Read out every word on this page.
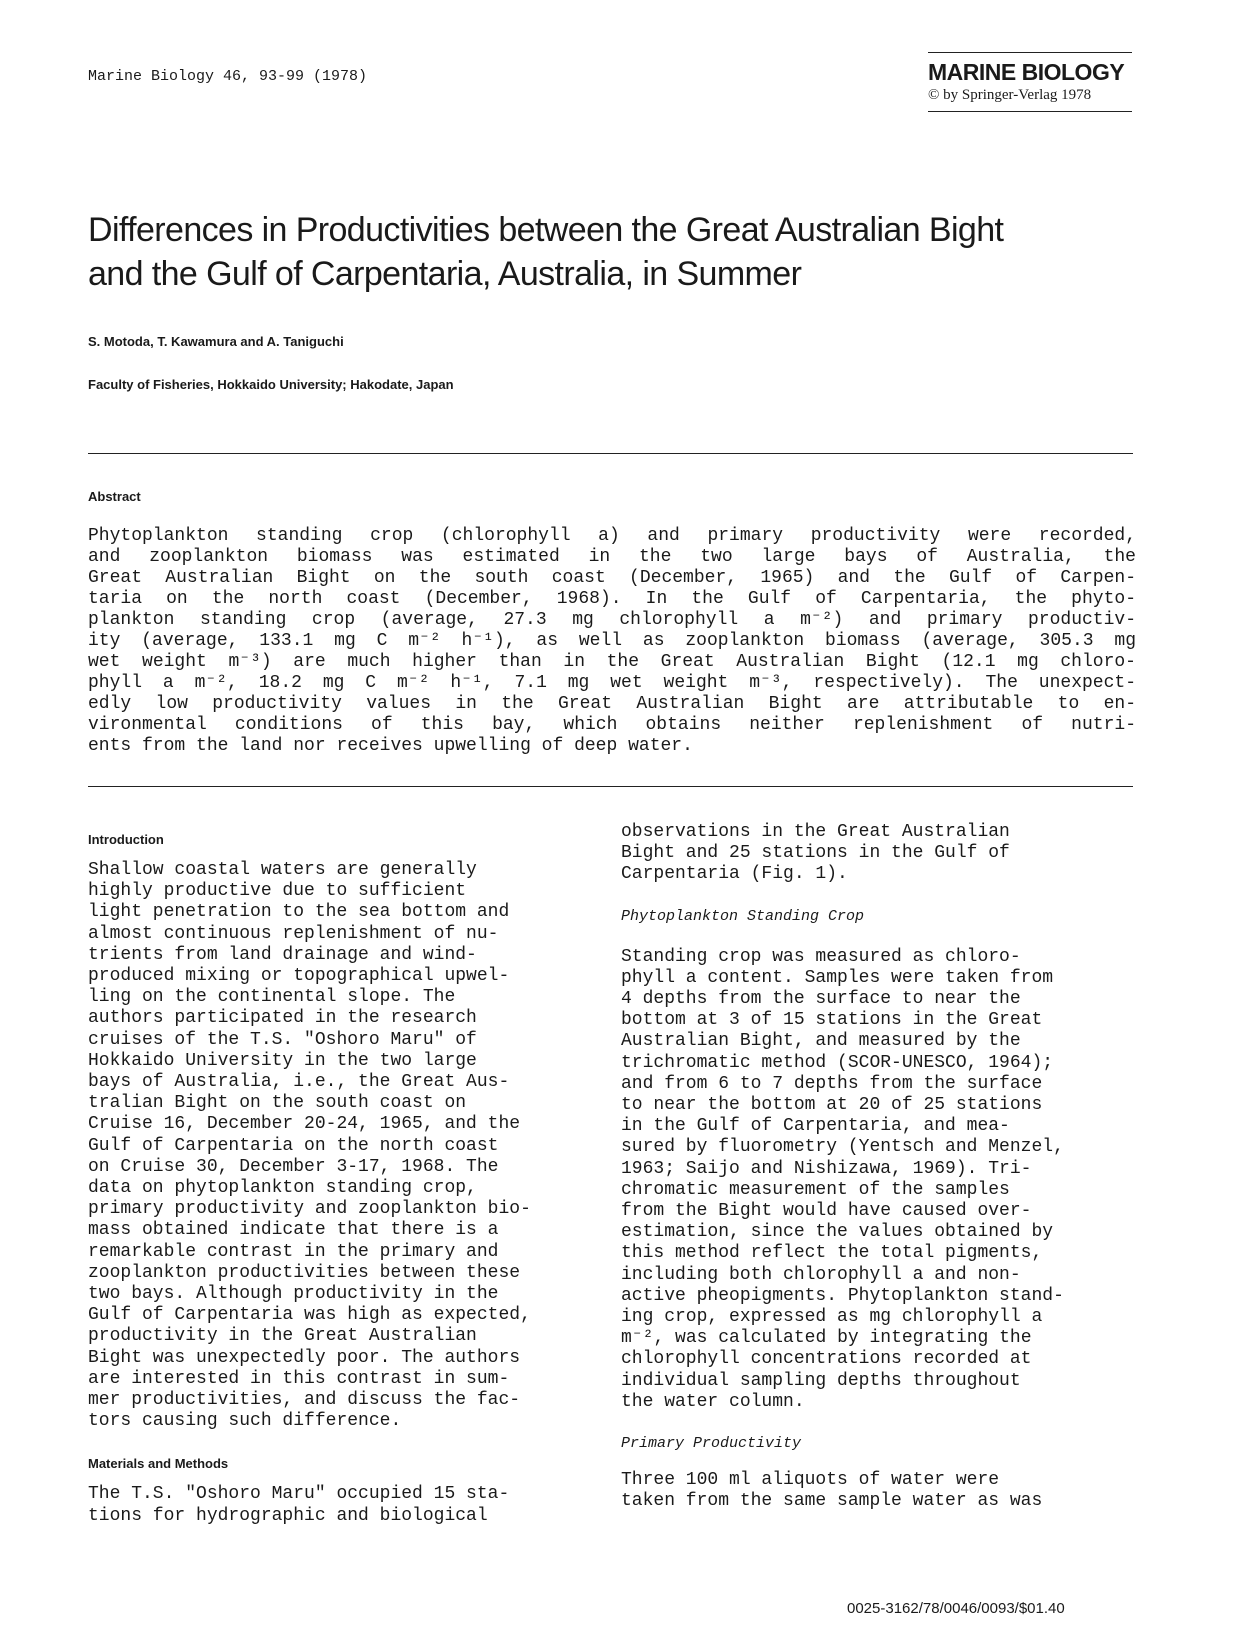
Marine Biology 46, 93-99 (1978)	MARINE BIOLOGY
© by Springer-Verlag 1978
Differences in Productivities between the Great Australian Bight
and the Gulf of Carpentaria, Australia, in Summer
S. Motoda, T. Kawamura and A. Taniguchi
Faculty of Fisheries, Hokkaido University; Hakodate, Japan
Abstract
Phytoplankton standing crop (chlorophyll a) and primary productivity were recorded,
and zooplankton biomass was estimated in the two large bays of Australia, the
Great Australian Bight on the south coast (December, 1965) and the Gulf of Carpen-
taria on the north coast (December, 1968). In the Gulf of Carpentaria, the phyto-
plankton standing crop (average, 27.3 mg chlorophyll a m⁻²) and primary productiv-
ity (average, 133.1 mg C m⁻² h⁻¹), as well as zooplankton biomass (average, 305.3 mg
wet weight m⁻³) are much higher than in the Great Australian Bight (12.1 mg chloro-
phyll a m⁻², 18.2 mg C m⁻² h⁻¹, 7.1 mg wet weight m⁻³, respectively). The unexpect-
edly low productivity values in the Great Australian Bight are attributable to en-
vironmental conditions of this bay, which obtains neither replenishment of nutri-
ents from the land nor receives upwelling of deep water.
Introduction
Shallow coastal waters are generally
highly productive due to sufficient
light penetration to the sea bottom and
almost continuous replenishment of nu-
trients from land drainage and wind-
produced mixing or topographical upwel-
ling on the continental slope. The
authors participated in the research
cruises of the T.S. "Oshoro Maru" of
Hokkaido University in the two large
bays of Australia, i.e., the Great Aus-
tralian Bight on the south coast on
Cruise 16, December 20-24, 1965, and the
Gulf of Carpentaria on the north coast
on Cruise 30, December 3-17, 1968. The
data on phytoplankton standing crop,
primary productivity and zooplankton bio-
mass obtained indicate that there is a
remarkable contrast in the primary and
zooplankton productivities between these
two bays. Although productivity in the
Gulf of Carpentaria was high as expected,
productivity in the Great Australian
Bight was unexpectedly poor. The authors
are interested in this contrast in sum-
mer productivities, and discuss the fac-
tors causing such difference.
Materials and Methods
The T.S. "Oshoro Maru" occupied 15 sta-
tions for hydrographic and biological
observations in the Great Australian
Bight and 25 stations in the Gulf of
Carpentaria (Fig. 1).
Phytoplankton Standing Crop
Standing crop was measured as chloro-
phyll a content. Samples were taken from
4 depths from the surface to near the
bottom at 3 of 15 stations in the Great
Australian Bight, and measured by the
trichromatic method (SCOR-UNESCO, 1964);
and from 6 to 7 depths from the surface
to near the bottom at 20 of 25 stations
in the Gulf of Carpentaria, and mea-
sured by fluorometry (Yentsch and Menzel,
1963; Saijo and Nishizawa, 1969). Tri-
chromatic measurement of the samples
from the Bight would have caused over-
estimation, since the values obtained by
this method reflect the total pigments,
including both chlorophyll a and non-
active pheopigments. Phytoplankton stand-
ing crop, expressed as mg chlorophyll a
m⁻², was calculated by integrating the
chlorophyll concentrations recorded at
individual sampling depths throughout
the water column.
Primary Productivity
Three 100 ml aliquots of water were
taken from the same sample water as was
0025-3162/78/0046/0093/$01.40
